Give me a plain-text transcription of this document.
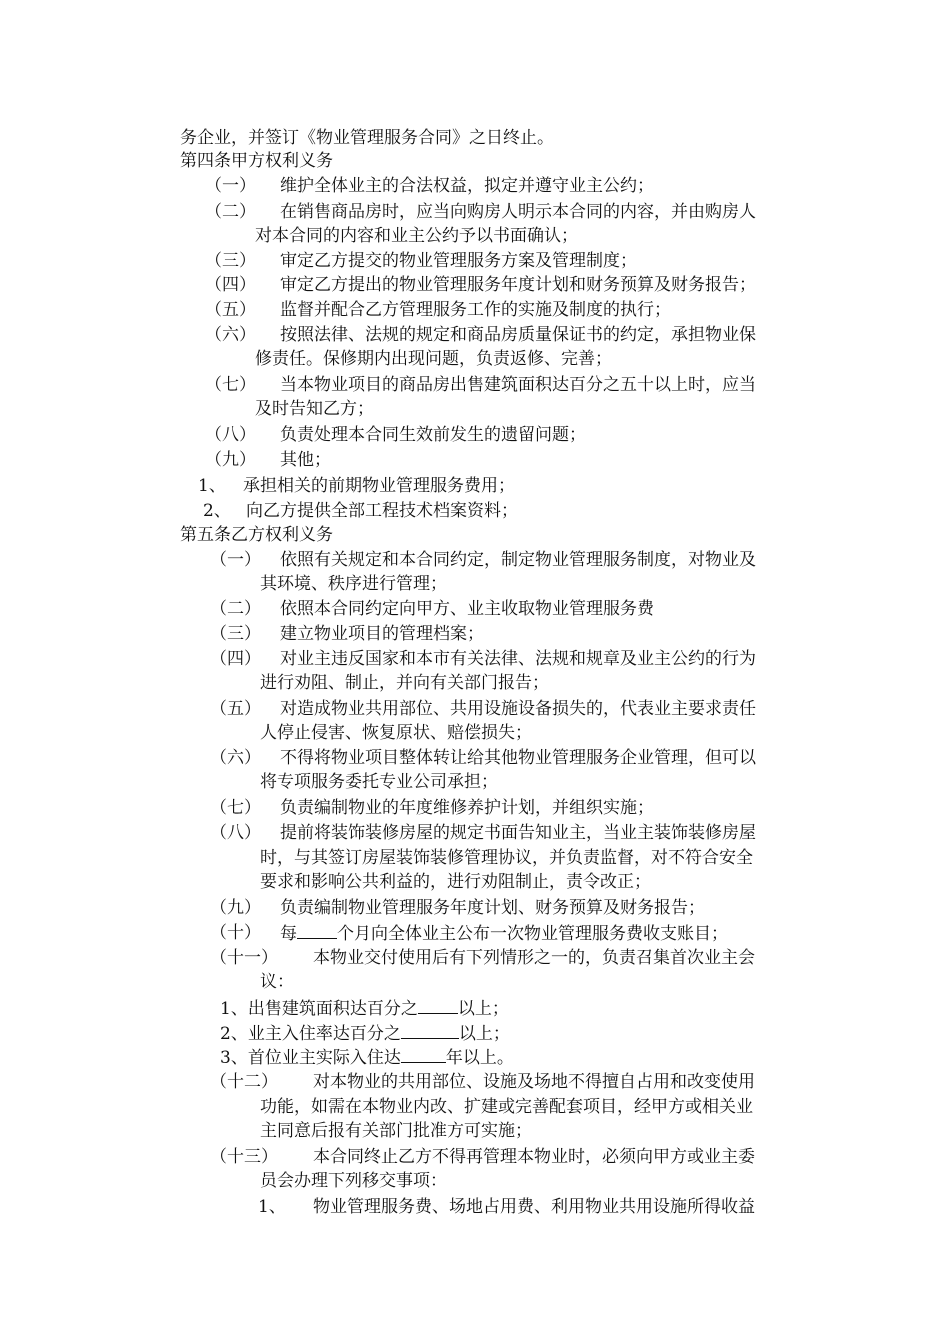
务企业，并签订《物业管理服务合同》之日终止。
第四条甲方权利义务
（一） 维护全体业主的合法权益，拟定并遵守业主公约；
（二） 在销售商品房时，应当向购房人明示本合同的内容，并由购房人
对本合同的内容和业主公约予以书面确认；
（三） 审定乙方提交的物业管理服务方案及管理制度；
（四） 审定乙方提出的物业管理服务年度计划和财务预算及财务报告；
（五） 监督并配合乙方管理服务工作的实施及制度的执行；
（六） 按照法律、法规的规定和商品房质量保证书的约定，承担物业保
修责任。保修期内出现问题，负责返修、完善；
（七） 当本物业项目的商品房出售建筑面积达百分之五十以上时，应当
及时告知乙方；
（八） 负责处理本合同生效前发生的遗留问题；
（九） 其他；
1、 承担相关的前期物业管理服务费用；
2、 向乙方提供全部工程技术档案资料；
第五条乙方权利义务
（一） 依照有关规定和本合同约定，制定物业管理服务制度，对物业及
其环境、秩序进行管理；
（二） 依照本合同约定向甲方、业主收取物业管理服务费
（三） 建立物业项目的管理档案；
（四） 对业主违反国家和本市有关法律、法规和规章及业主公约的行为
进行劝阻、制止，并向有关部门报告；
（五） 对造成物业共用部位、共用设施设备损失的，代表业主要求责任
人停止侵害、恢复原状、赔偿损失；
（六） 不得将物业项目整体转让给其他物业管理服务企业管理，但可以
将专项服务委托专业公司承担；
（七） 负责编制物业的年度维修养护计划，并组织实施；
（八） 提前将装饰装修房屋的规定书面告知业主，当业主装饰装修房屋
时，与其签订房屋装饰装修管理协议，并负责监督，对不符合安全
要求和影响公共利益的，进行劝阻制止，责令改正；
（九） 负责编制物业管理服务年度计划、财务预算及财务报告；
（十） 每 个月向全体业主公布一次物业管理服务费收支账目；
（十一） 本物业交付使用后有下列情形之一的，负责召集首次业主会
议：
1、出售建筑面积达百分之 以上；
2、业主入住率达百分之	以上；
3、首位业主实际入住达	年以上。
（十二） 对本物业的共用部位、设施及场地不得擅自占用和改变使用
功能，如需在本物业内改、扩建或完善配套项目，经甲方或相关业
主同意后报有关部门批准方可实施；
（十三） 本合同终止乙方不得再管理本物业时，必须向甲方或业主委
员会办理下列移交事项：
1、 物业管理服务费、场地占用费、利用物业共用设施所得收益
